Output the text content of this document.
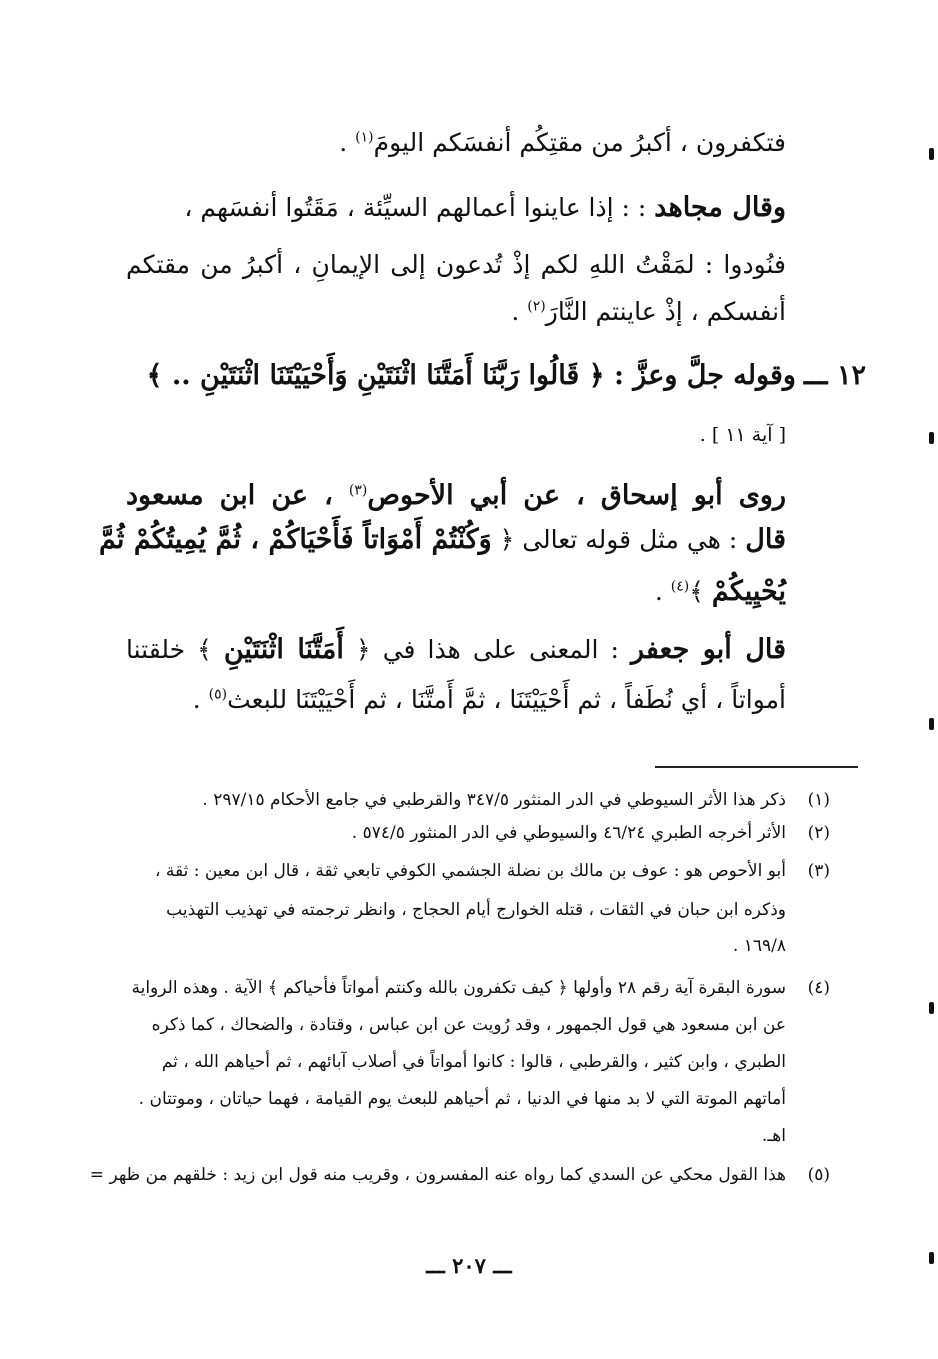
فتكفرون ، أكبرُ من مقتِكُم أنفسَكم اليومَ$^{(١)}$ .
وقال مجاهد : : إذا عاينوا أعمالهم السيِّئة ، مَقَتُوا أنفسَهم ،
فنُودوا : لمَقْتُ اللهِ لكم إذْ تُدعون إلى الإيمانِ ، أكبرُ من مقتكم
أنفسكم ، إذْ عاينتم النَّارَ$^{(٢)}$ .
١٢ ـــ وقوله جلَّ وعزَّ : ﴿ قَالُوا رَبَّنَا أَمَتَّنَا اثْنَتَيْنِ وَأَحْيَيْتَنَا اثْنَتَيْنِ .. ﴾
[ آية ١١ ] .
روى أبو إسحاق ، عن أبي الأحوص$^{(٣)}$ ، عن ابن مسعود
قال : هي مثل قوله تعالى ﴿ وَكُنْتُمْ أَمْوَاتاً فَأَحْيَاكُمْ ، ثُمَّ يُمِيتُكُمْ ثُمَّ
يُحْيِيكُمْ ﴾$^{(٤)}$ .
قال أبو جعفر : المعنى على هذا في ﴿ أَمَتَّنَا اثْنَتَيْنِ ﴾ خلقتنا
أمواتاً ، أي نُطَفاً ، ثم أَحْيَيْتَنَا ، ثمَّ أَمتَّنَا ، ثم أَحْيَيْتَنَا للبعث$^{(٥)}$ .
(١)ذكر هذا الأثر السيوطي في الدر المنثور ٣٤٧/٥ والقرطبي في جامع الأحكام ٢٩٧/١٥ .
(٢)الأثر أخرجه الطبري ٤٦/٢٤ والسيوطي في الدر المنثور ٥٧٤/٥ .
(٣)أبو الأحوص هو : عوف بن مالك بن نضلة الجشمي الكوفي تابعي ثقة ، قال ابن معين : ثقة ،
وذكره ابن حبان في الثقات ، قتله الخوارج أيام الحجاج ، وانظر ترجمته في تهذيب التهذيب
١٦٩/٨ .
(٤)سورة البقرة آية رقم ٢٨ وأولها ﴿ كيف تكفرون بالله وكنتم أمواتاً فأحياكم ﴾ الآية . وهذه الرواية
عن ابن مسعود هي قول الجمهور ، وقد رُويت عن ابن عباس ، وقتادة ، والضحاك ، كما ذكره
الطبري ، وابن كثير ، والقرطبي ، قالوا : كانوا أمواتاً في أصلاب آبائهم ، ثم أحياهم الله ، ثم
أماتهم الموتة التي لا بد منها في الدنيا ، ثم أحياهم للبعث يوم القيامة ، فهما حياتان ، وموتتان .
اهـ.
(٥)هذا القول محكي عن السدي كما رواه عنه المفسرون ، وقريب منه قول ابن زيد : خلقهم من ظهر =
ـــ ٢٠٧ ـــ
